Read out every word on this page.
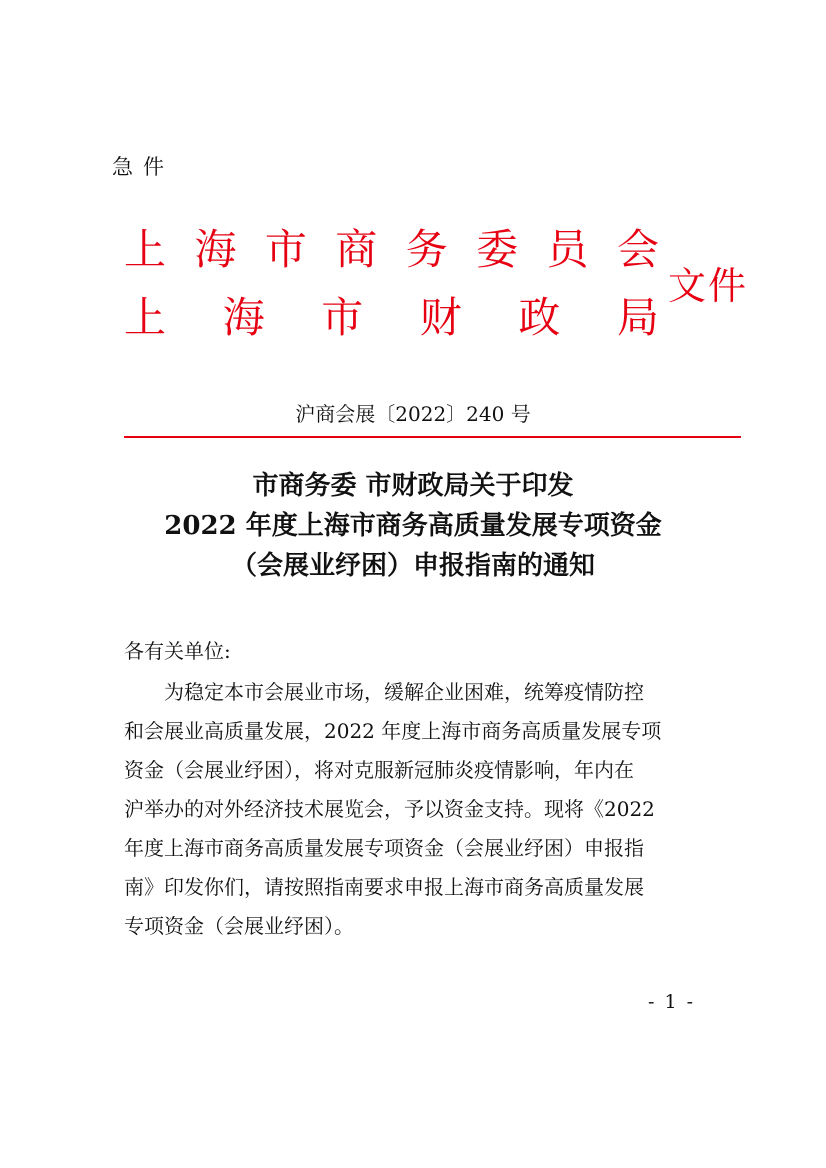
急件
上 海 市 商 务 委 员 会
上 海 市 财 政 局
文件
沪商会展〔2022〕240 号
市商务委 市财政局关于印发
2022 年度上海市商务高质量发展专项资金
（会展业纾困）申报指南的通知
各有关单位:
为稳定本市会展业市场，缓解企业困难，统筹疫情防控
和会展业高质量发展，2022 年度上海市商务高质量发展专项
资金（会展业纾困），将对克服新冠肺炎疫情影响，年内在
沪举办的对外经济技术展览会，予以资金支持。现将《2022
年度上海市商务高质量发展专项资金（会展业纾困）申报指
南》印发你们，请按照指南要求申报上海市商务高质量发展
专项资金（会展业纾困）。
- 1 -
